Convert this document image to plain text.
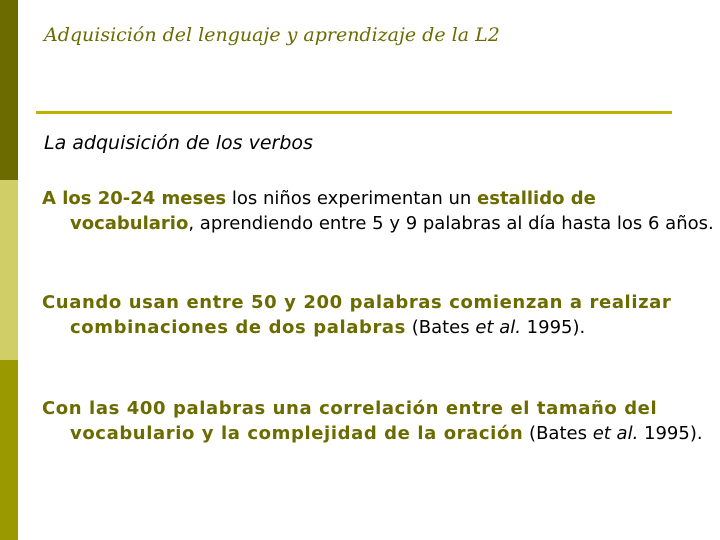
Adquisición del lenguaje y aprendizaje de la L2
La adquisición de los verbos
A los 20-24 meses los niños experimentan un estallido de vocabulario, aprendiendo entre 5 y 9 palabras al día hasta los 6 años.
Cuando usan entre 50 y 200 palabras comienzan a realizar combinaciones de dos palabras (Bates et al. 1995).
Con las 400 palabras una correlación entre el tamaño del vocabulario y la complejidad de la oración (Bates et al. 1995).
